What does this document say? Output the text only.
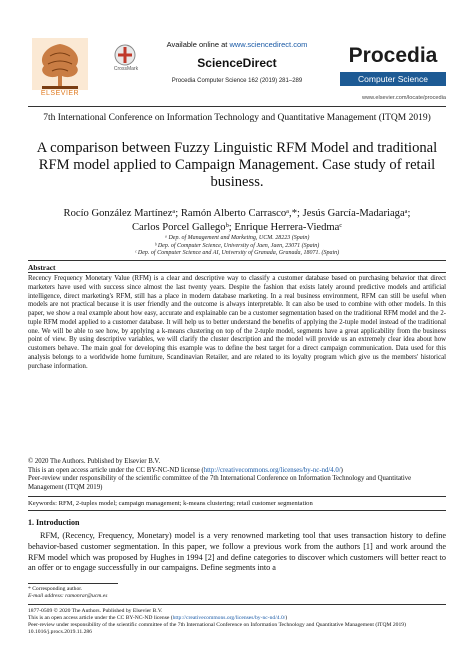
ELSEVIER
CrossMark
Available online at www.sciencedirect.com
ScienceDirect
Procedia Computer Science 162 (2019) 281–289
Procedia
Computer Science
www.elsevier.com/locate/procedia
7th International Conference on Information Technology and Quantitative Management (ITQM 2019)
A comparison between Fuzzy Linguistic RFM Model and traditional RFM model applied to Campaign Management. Case study of retail business.
Rocío González Martínezᵃ; Ramón Alberto Carrascoᵃ,*; Jesús García-Madariagaᵃ;
Carlos Porcel Gallegoᵇ; Enrique Herrera-Viedmaᶜ
ᵃ Dep. of Management and Marketing, UCM. 28223 (Spain)
ᵇ Dep. of Computer Science, University of Jaen, Jaen, 23071 (Spain)
ᶜ Dep. of Computer Science and AI, University of Granada, Granada, 18071. (Spain)
Abstract

Recency Frequency Monetary Value (RFM) is a clear and descriptive way to classify a customer database based on purchasing behavior that direct marketers have used with success since almost the last twenty years. Despite the fashion that exists lately around predictive models and artificial intelligence, direct marketing's RFM, still has a place in modern database marketing. In a real business environment, RFM can still be useful when models are not practical because it is user friendly and the outcome is always interpretable. It can also be used to combine with other models. In this paper, we show a real example about how easy, accurate and explainable can be a customer segmentation based on the traditional RFM model and the 2-tuple RFM model applied to a customer database. It will help us to better understand the benefits of applying the 2-tuple model instead of the traditional one. We will be able to see how, by applying a k-means clustering on top of the 2-tuple model, segments have a great applicability from the business point of view. By using descriptive variables, we will clarify the cluster description and the model will provide us an extremely clear idea about how customers behave. The main goal for developing this example was to define the best target for a direct campaign communication. Data used for this analysis belongs to a worldwide home furniture, Scandinavian Retailer, and are related to its loyalty program which give us the members' historical purchase information.

© 2020 The Authors. Published by Elsevier B.V.
This is an open access article under the CC BY-NC-ND license (http://creativecommons.org/licenses/by-nc-nd/4.0/)
Peer-review under responsibility of the scientific committee of the 7th International Conference on Information Technology and Quantitative Management (ITQM 2019)
Keywords: RFM, 2-tuples model; campaign management; k-means clustering; retail customer segmentation
1. Introduction

RFM, (Recency, Frequency, Monetary) model is a very renowned marketing tool that uses transaction history to define behavior-based customer segmentation. In this paper, we follow a previous work from the authors [1] and work around the RFM model which was proposed by Hughes in 1994 [2] and define categories to discover which customers will better react to an offer or to engage successfully in our campaigns. Define segments into a

* Corresponding author.
E-mail address: ramonrar@ucm.es
1877-0509 © 2020 The Authors. Published by Elsevier B.V.
This is an open access article under the CC BY-NC-ND license (http://creativecommons.org/licenses/by-nc-nd/4.0/)
Peer-review under responsibility of the scientific committee of the 7th International Conference on Information Technology and Quantitative Management (ITQM 2019)
10.1016/j.procs.2019.11.286
